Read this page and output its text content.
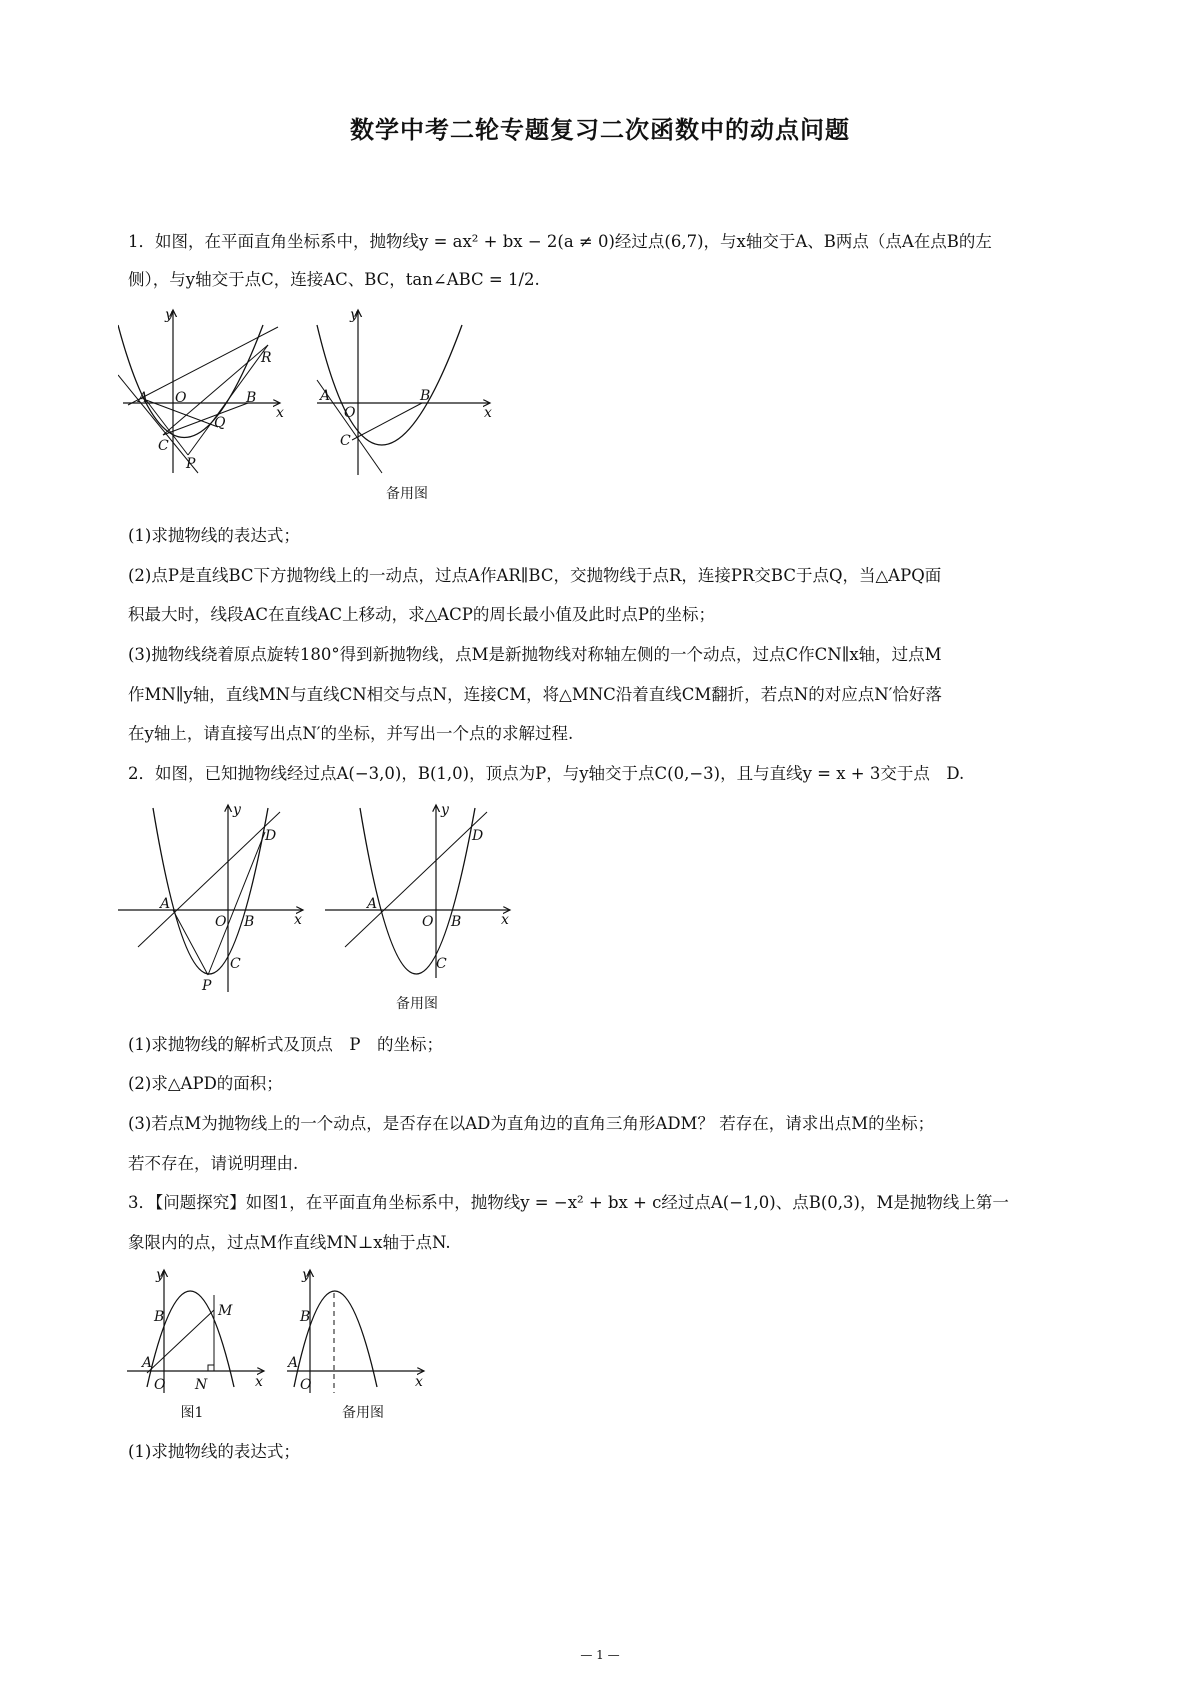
数学中考二轮专题复习二次函数中的动点问题
1．如图，在平面直角坐标系中，抛物线y = ax² + bx − 2(a ≠ 0)经过点(6,7)，与x轴交于A、B两点（点A在点B的左
侧），与y轴交于点C，连接AC、BC，tan∠ABC = 1/2.
y
x
A O	B
C
P
Q
R
y
x
A
O
B
C
备用图
(1)求抛物线的表达式；
(2)点P是直线BC下方抛物线上的一动点，过点A作AR∥BC，交抛物线于点R，连接PR交BC于点Q，当△APQ面
积最大时，线段AC在直线AC上移动，求△ACP的周长最小值及此时点P的坐标；
(3)抛物线绕着原点旋转180°得到新抛物线，点M是新抛物线对称轴左侧的一个动点，过点C作CN∥x轴，过点M
作MN∥y轴，直线MN与直线CN相交与点N，连接CM，将△MNC沿着直线CM翻折，若点N的对应点N′恰好落
在y轴上，请直接写出点N′的坐标，并写出一个点的求解过程.
2．如图，已知抛物线经过点A(−3,0)，B(1,0)，顶点为P，与y轴交于点C(0,−3)，且与直线y = x + 3交于点　D.
y
x
A
O B
C
P
D
y
x
A
O B
C
D
备用图
(1)求抛物线的解析式及顶点　P　的坐标；
(2)求△APD的面积；
(3)若点M为抛物线上的一个动点，是否存在以AD为直角边的直角三角形ADM？ 若存在，请求出点M的坐标；
若不存在，请说明理由.
3．【问题探究】如图1，在平面直角坐标系中，抛物线y = −x² + bx + c经过点A(−1,0)、点B(0,3)，M是抛物线上第一
象限内的点，过点M作直线MN⊥x轴于点N.
y
x
A
B
O N
M
图1
y
x
A
B
O
备用图
(1)求抛物线的表达式；
— 1 —
